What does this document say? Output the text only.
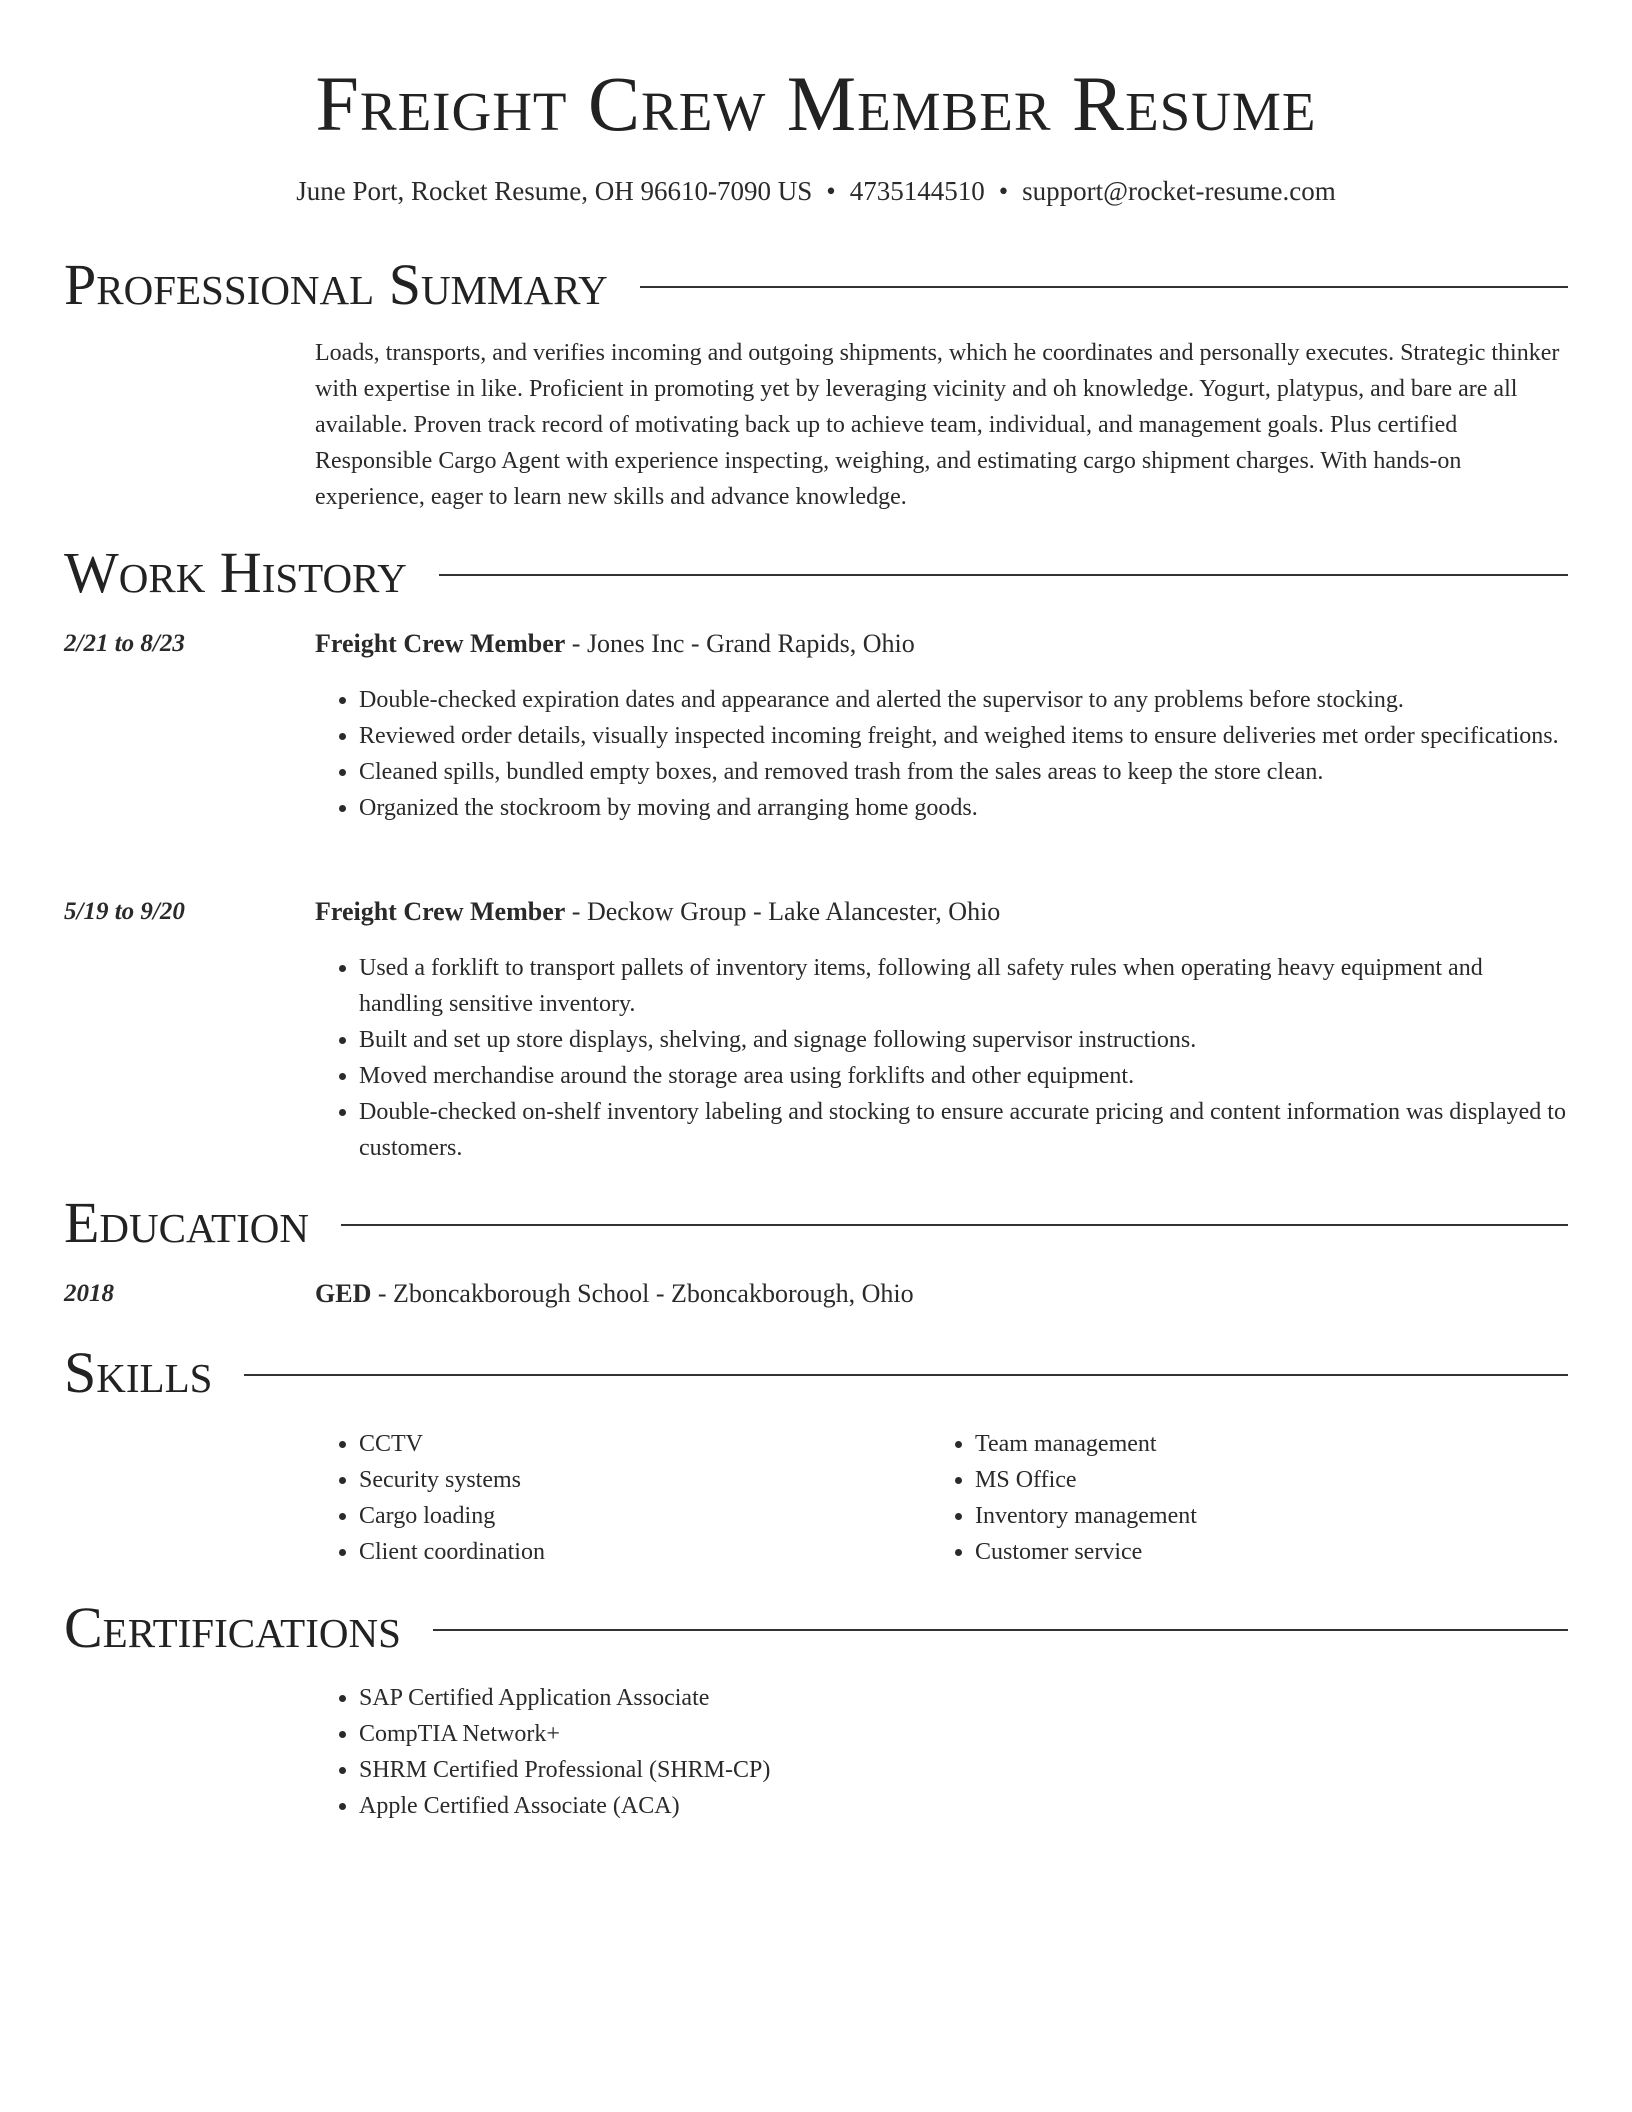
Freight Crew Member Resume
June Port, Rocket Resume, OH 96610-7090 US • 4735144510 • support@rocket-resume.com
Professional Summary
Loads, transports, and verifies incoming and outgoing shipments, which he coordinates and personally executes. Strategic thinker with expertise in like. Proficient in promoting yet by leveraging vicinity and oh knowledge. Yogurt, platypus, and bare are all available. Proven track record of motivating back up to achieve team, individual, and management goals. Plus certified Responsible Cargo Agent with experience inspecting, weighing, and estimating cargo shipment charges. With hands-on experience, eager to learn new skills and advance knowledge.
Work History
2/21 to 8/23	Freight Crew Member - Jones Inc - Grand Rapids, Ohio
• Double-checked expiration dates and appearance and alerted the supervisor to any problems before stocking.
• Reviewed order details, visually inspected incoming freight, and weighed items to ensure deliveries met order specifications.
• Cleaned spills, bundled empty boxes, and removed trash from the sales areas to keep the store clean.
• Organized the stockroom by moving and arranging home goods.
5/19 to 9/20	Freight Crew Member - Deckow Group - Lake Alancester, Ohio
• Used a forklift to transport pallets of inventory items, following all safety rules when operating heavy equipment and handling sensitive inventory.
• Built and set up store displays, shelving, and signage following supervisor instructions.
• Moved merchandise around the storage area using forklifts and other equipment.
• Double-checked on-shelf inventory labeling and stocking to ensure accurate pricing and content information was displayed to customers.
Education
2018	GED - Zboncakborough School - Zboncakborough, Ohio
Skills
• CCTV
• Security systems
• Cargo loading
• Client coordination
• Team management
• MS Office
• Inventory management
• Customer service
Certifications
• SAP Certified Application Associate
• CompTIA Network+
• SHRM Certified Professional (SHRM-CP)
• Apple Certified Associate (ACA)
